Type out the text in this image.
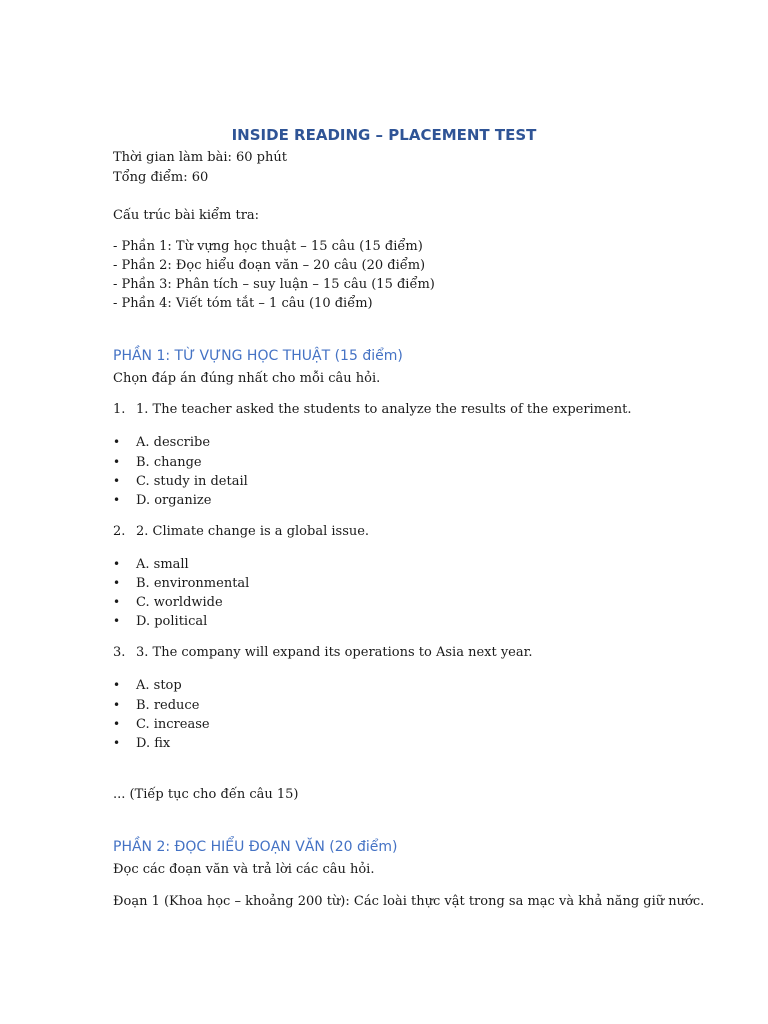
INSIDE READING – PLACEMENT TEST
Thời gian làm bài: 60 phút
Tổng điểm: 60
Cấu trúc bài kiểm tra:
- Phần 1: Từ vựng học thuật – 15 câu (15 điểm)
- Phần 2: Đọc hiểu đoạn văn – 20 câu (20 điểm)
- Phần 3: Phân tích – suy luận – 15 câu (15 điểm)
- Phần 4: Viết tóm tắt – 1 câu (10 điểm)
PHẦN 1: TỪ VỰNG HỌC THUẬT (15 điểm)
Chọn đáp án đúng nhất cho mỗi câu hỏi.
1. 1. The teacher asked the students to analyze the results of the experiment.
• A. describe
• B. change
• C. study in detail
• D. organize
2. 2. Climate change is a global issue.
• A. small
• B. environmental
• C. worldwide
• D. political
3. 3. The company will expand its operations to Asia next year.
• A. stop
• B. reduce
• C. increase
• D. fix
... (Tiếp tục cho đến câu 15)
PHẦN 2: ĐỌC HIỂU ĐOẠN VĂN (20 điểm)
Đọc các đoạn văn và trả lời các câu hỏi.
Đoạn 1 (Khoa học – khoảng 200 từ): Các loài thực vật trong sa mạc và khả năng giữ nước.
